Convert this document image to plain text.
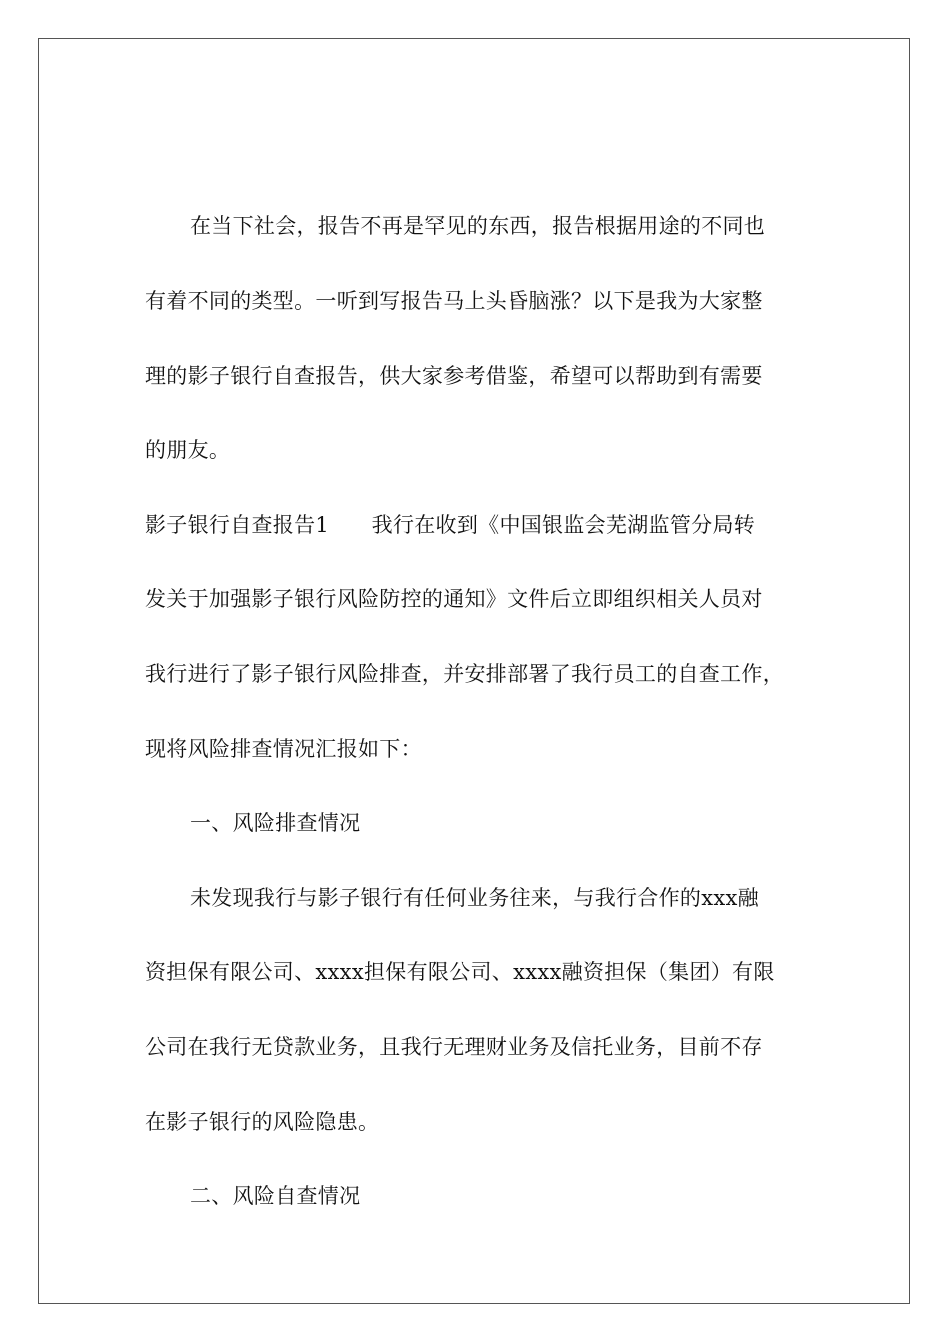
在当下社会，报告不再是罕见的东西，报告根据用途的不同也
有着不同的类型。一听到写报告马上头昏脑涨？以下是我为大家整
理的影子银行自查报告，供大家参考借鉴，希望可以帮助到有需要
的朋友。
影子银行自查报告1　　我行在收到《中国银监会芜湖监管分局转
发关于加强影子银行风险防控的通知》文件后立即组织相关人员对
我行进行了影子银行风险排查，并安排部署了我行员工的自查工作，
现将风险排查情况汇报如下：
一、风险排查情况
未发现我行与影子银行有任何业务往来，与我行合作的xxx融
资担保有限公司、xxxx担保有限公司、xxxx融资担保（集团）有限
公司在我行无贷款业务，且我行无理财业务及信托业务，目前不存
在影子银行的风险隐患。
二、风险自查情况
